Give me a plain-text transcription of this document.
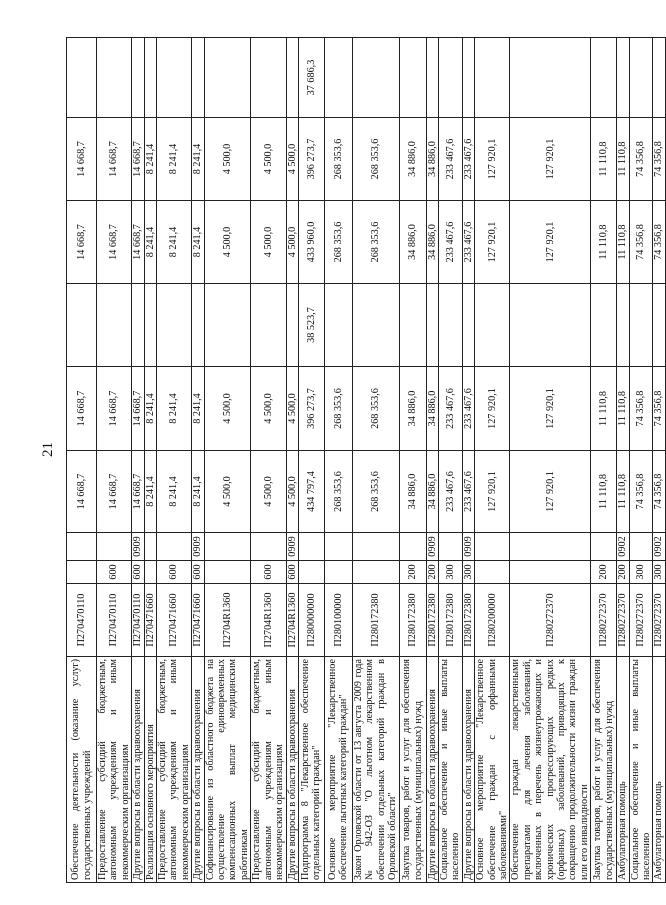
21
Обеспечение деятельности (оказание услуг) государственных учреждений	П270470110			14 668,7	14 668,7		14 668,7	14 668,7	
Предоставление субсидий бюджетным, автономным учреждениям и иным некоммерческим организациям	П270470110	600		14 668,7	14 668,7		14 668,7	14 668,7	
Другие вопросы в области здравоохранения	П270470110	600	0909	14 668,7	14 668,7		14 668,7	14 668,7	
Реализация основного мероприятия	П270471660			8 241,4	8 241,4		8 241,4	8 241,4	
Предоставление субсидий бюджетным, автономным учреждениям и иным некоммерческим организациям	П270471660	600		8 241,4	8 241,4		8 241,4	8 241,4	
Другие вопросы в области здравоохранения	П270471660	600	0909	8 241,4	8 241,4		8 241,4	8 241,4	
Софинансирование из областного бюджета на осуществление единовременных компенсационных выплат медицинским работникам	П2704R1360			4 500,0	4 500,0		4 500,0	4 500,0	
Предоставление субсидий бюджетным, автономным учреждениям и иным некоммерческим организациям	П2704R1360	600		4 500,0	4 500,0		4 500,0	4 500,0	
Другие вопросы в области здравоохранения	П2704R1360	600	0909	4 500,0	4 500,0		4 500,0	4 500,0	
Подпрограмма 8 "Лекарственное обеспечение отдельных категорий граждан"	П280000000			434 797,4	396 273,7	38 523,7	433 960,0	396 273,7	37 686,3
Основное мероприятие "Лекарственное обеспечение льготных категорий граждан"	П280100000			268 353,6	268 353,6		268 353,6	268 353,6	
Закон Орловской области от 13 августа 2009 года № 942-ОЗ "О льготном лекарственном обеспечении отдельных категорий граждан в Орловской области"	П280172380			268 353,6	268 353,6		268 353,6	268 353,6	
Закупка товаров, работ и услуг для обеспечения государственных (муниципальных) нужд	П280172380	200		34 886,0	34 886,0		34 886,0	34 886,0	
Другие вопросы в области здравоохранения	П280172380	200	0909	34 886,0	34 886,0		34 886,0	34 886,0	
Социальное обеспечение и иные выплаты населению	П280172380	300		233 467,6	233 467,6		233 467,6	233 467,6	
Другие вопросы в области здравоохранения	П280172380	300	0909	233 467,6	233 467,6		233 467,6	233 467,6	
Основное мероприятие "Лекарственное обеспечение граждан с орфанными заболеваниями"	П280200000			127 920,1	127 920,1		127 920,1	127 920,1	
Обеспечение граждан лекарственными препаратами для лечения заболеваний, включенных в перечень жизнеугрожающих и хронических прогрессирующих редких (орфанных) заболеваний, приводящих к сокращению продолжительности жизни граждан или его инвалидности	П280272370			127 920,1	127 920,1		127 920,1	127 920,1	
Закупка товаров, работ и услуг для обеспечения государственных (муниципальных) нужд	П280272370	200		11 110,8	11 110,8		11 110,8	11 110,8	
Амбулаторная помощь	П280272370	200	0902	11 110,8	11 110,8		11 110,8	11 110,8	
Социальное обеспечение и иные выплаты населению	П280272370	300		74 356,8	74 356,8		74 356,8	74 356,8	
Амбулаторная помощь	П280272370	300	0902	74 356,8	74 356,8		74 356,8	74 356,8	
